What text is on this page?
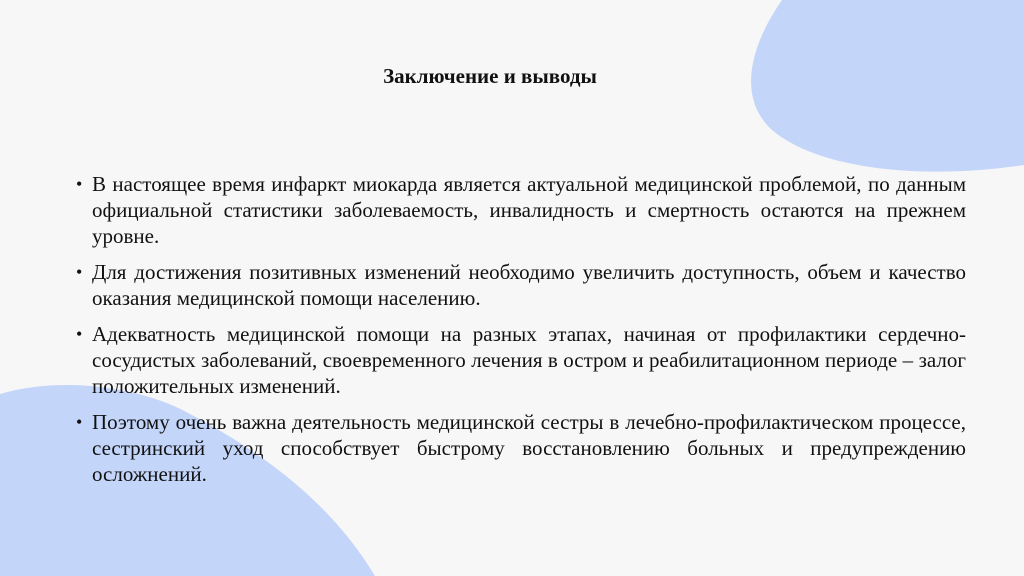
Заключение и выводы
• В настоящее время инфаркт миокарда является актуальной медицинской проблемой, по данным официальной статистики заболеваемость, инвалидность и смертность остаются на прежнем уровне.
• Для достижения позитивных изменений необходимо увеличить доступность, объем и качество оказания медицинской помощи населению.
• Адекватность медицинской помощи на разных этапах, начиная от профилактики сердечно-сосудистых заболеваний, своевременного лечения в остром и реабилитационном периоде – залог положительных изменений.
• Поэтому очень важна деятельность медицинской сестры в лечебно-профилактическом процессе, сестринский уход способствует быстрому восстановлению больных и предупреждению осложнений.
